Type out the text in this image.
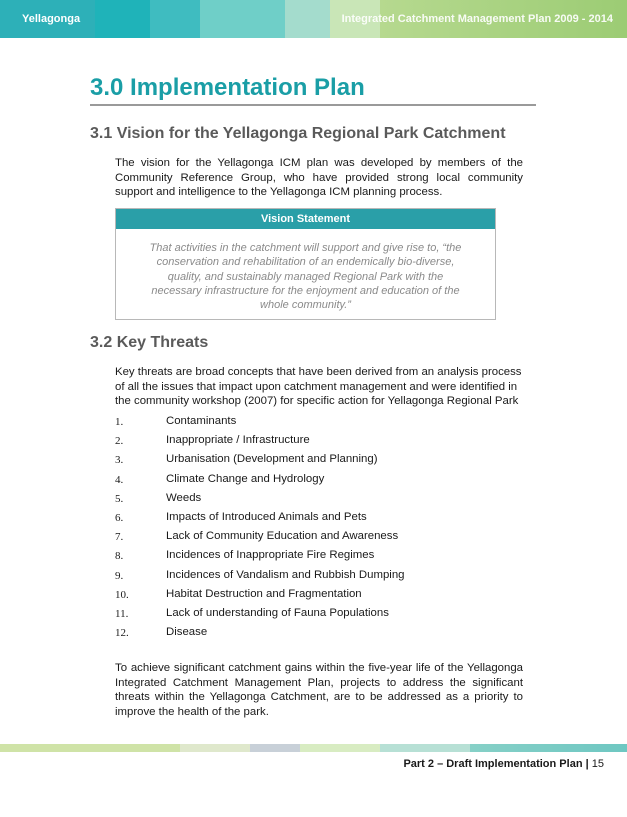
Yellagonga	Integrated Catchment Management Plan 2009 - 2014
3.0 Implementation Plan
3.1 Vision for the Yellagonga Regional Park Catchment

The vision for the Yellagonga ICM plan was developed by members of the Community Reference Group, who have provided strong local community support and intelligence to the Yellagonga ICM planning process.

Vision Statement
That activities in the catchment will support and give rise to, “the conservation and rehabilitation of an endemically bio-diverse, quality, and sustainably managed Regional Park with the necessary infrastructure for the enjoyment and education of the whole community.”
3.2 Key Threats

Key threats are broad concepts that have been derived from an analysis process of all the issues that impact upon catchment management and were identified in the community workshop (2007) for specific action for Yellagonga Regional Park

1.	Contaminants
2.	Inappropriate / Infrastructure
3.	Urbanisation (Development and Planning)
4.	Climate Change and Hydrology
5.	Weeds
6.	Impacts of Introduced Animals and Pets
7.	Lack of Community Education and Awareness
8.	Incidences of Inappropriate Fire Regimes
9.	Incidences of Vandalism and Rubbish Dumping
10.	Habitat Destruction and Fragmentation
11.	Lack of understanding of Fauna Populations
12.	Disease

To achieve significant catchment gains within the five-year life of the Yellagonga Integrated Catchment Management Plan, projects to address the significant threats within the Yellagonga Catchment, are to be addressed as a priority to improve the health of the park.

Part 2 – Draft Implementation Plan | 15
